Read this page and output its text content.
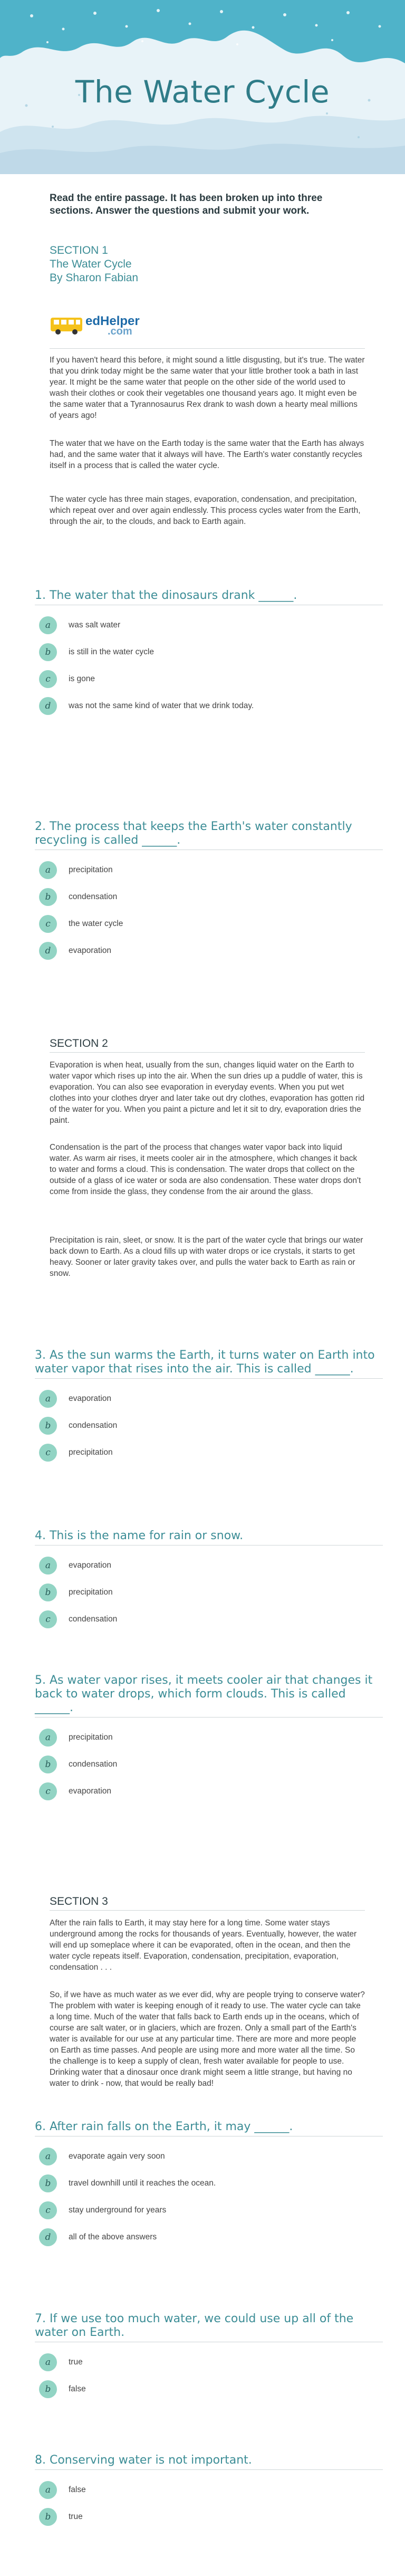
The Water Cycle
Read the entire passage. It has been broken up into three sections. Answer the questions and submit your work.
SECTION 1
The Water Cycle
By Sharon Fabian
edHelper
.com
If you haven't heard this before, it might sound a little disgusting, but it's true. The water that you drink today might be the same water that your little brother took a bath in last year. It might be the same water that people on the other side of the world used to wash their clothes or cook their vegetables one thousand years ago. It might even be the same water that a Tyrannosaurus Rex drank to wash down a hearty meal millions of years ago!
The water that we have on the Earth today is the same water that the Earth has always had, and the same water that it always will have. The Earth's water constantly recycles itself in a process that is called the water cycle.
The water cycle has three main stages, evaporation, condensation, and precipitation, which repeat over and over again endlessly. This process cycles water from the Earth, through the air, to the clouds, and back to Earth again.
1. The water that the dinosaurs drank ______.
a	was salt water
b	is still in the water cycle
c	is gone
d	was not the same kind of water that we drink today.
2. The process that keeps the Earth's water constantly recycling is called ______.
a	precipitation
b	condensation
c	the water cycle
d	evaporation
SECTION 2
Evaporation is when heat, usually from the sun, changes liquid water on the Earth to water vapor which rises up into the air. When the sun dries up a puddle of water, this is evaporation. You can also see evaporation in everyday events. When you put wet clothes into your clothes dryer and later take out dry clothes, evaporation has gotten rid of the water for you. When you paint a picture and let it sit to dry, evaporation dries the paint.
Condensation is the part of the process that changes water vapor back into liquid water. As warm air rises, it meets cooler air in the atmosphere, which changes it back to water and forms a cloud. This is condensation. The water drops that collect on the outside of a glass of ice water or soda are also condensation. These water drops don't come from inside the glass, they condense from the air around the glass.
Precipitation is rain, sleet, or snow. It is the part of the water cycle that brings our water back down to Earth. As a cloud fills up with water drops or ice crystals, it starts to get heavy. Sooner or later gravity takes over, and pulls the water back to Earth as rain or snow.
3. As the sun warms the Earth, it turns water on Earth into water vapor that rises into the air. This is called ______.
a	evaporation
b	condensation
c	precipitation
4. This is the name for rain or snow.
a	evaporation
b	precipitation
c	condensation
5. As water vapor rises, it meets cooler air that changes it back to water drops, which form clouds. This is called ______.
a	precipitation
b	condensation
c	evaporation
SECTION 3
After the rain falls to Earth, it may stay here for a long time. Some water stays underground among the rocks for thousands of years. Eventually, however, the water will end up someplace where it can be evaporated, often in the ocean, and then the water cycle repeats itself. Evaporation, condensation, precipitation, evaporation, condensation . . .
So, if we have as much water as we ever did, why are people trying to conserve water? The problem with water is keeping enough of it ready to use. The water cycle can take a long time. Much of the water that falls back to Earth ends up in the oceans, which of course are salt water, or in glaciers, which are frozen. Only a small part of the Earth's water is available for our use at any particular time. There are more and more people on Earth as time passes. And people are using more and more water all the time. So the challenge is to keep a supply of clean, fresh water available for people to use. Drinking water that a dinosaur once drank might seem a little strange, but having no water to drink - now, that would be really bad!
6. After rain falls on the Earth, it may ______.
a	evaporate again very soon
b	travel downhill until it reaches the ocean.
c	stay underground for years
d	all of the above answers
7. If we use too much water, we could use up all of the water on Earth.
a	true
b	false
8. Conserving water is not important.
a	false
b	true
